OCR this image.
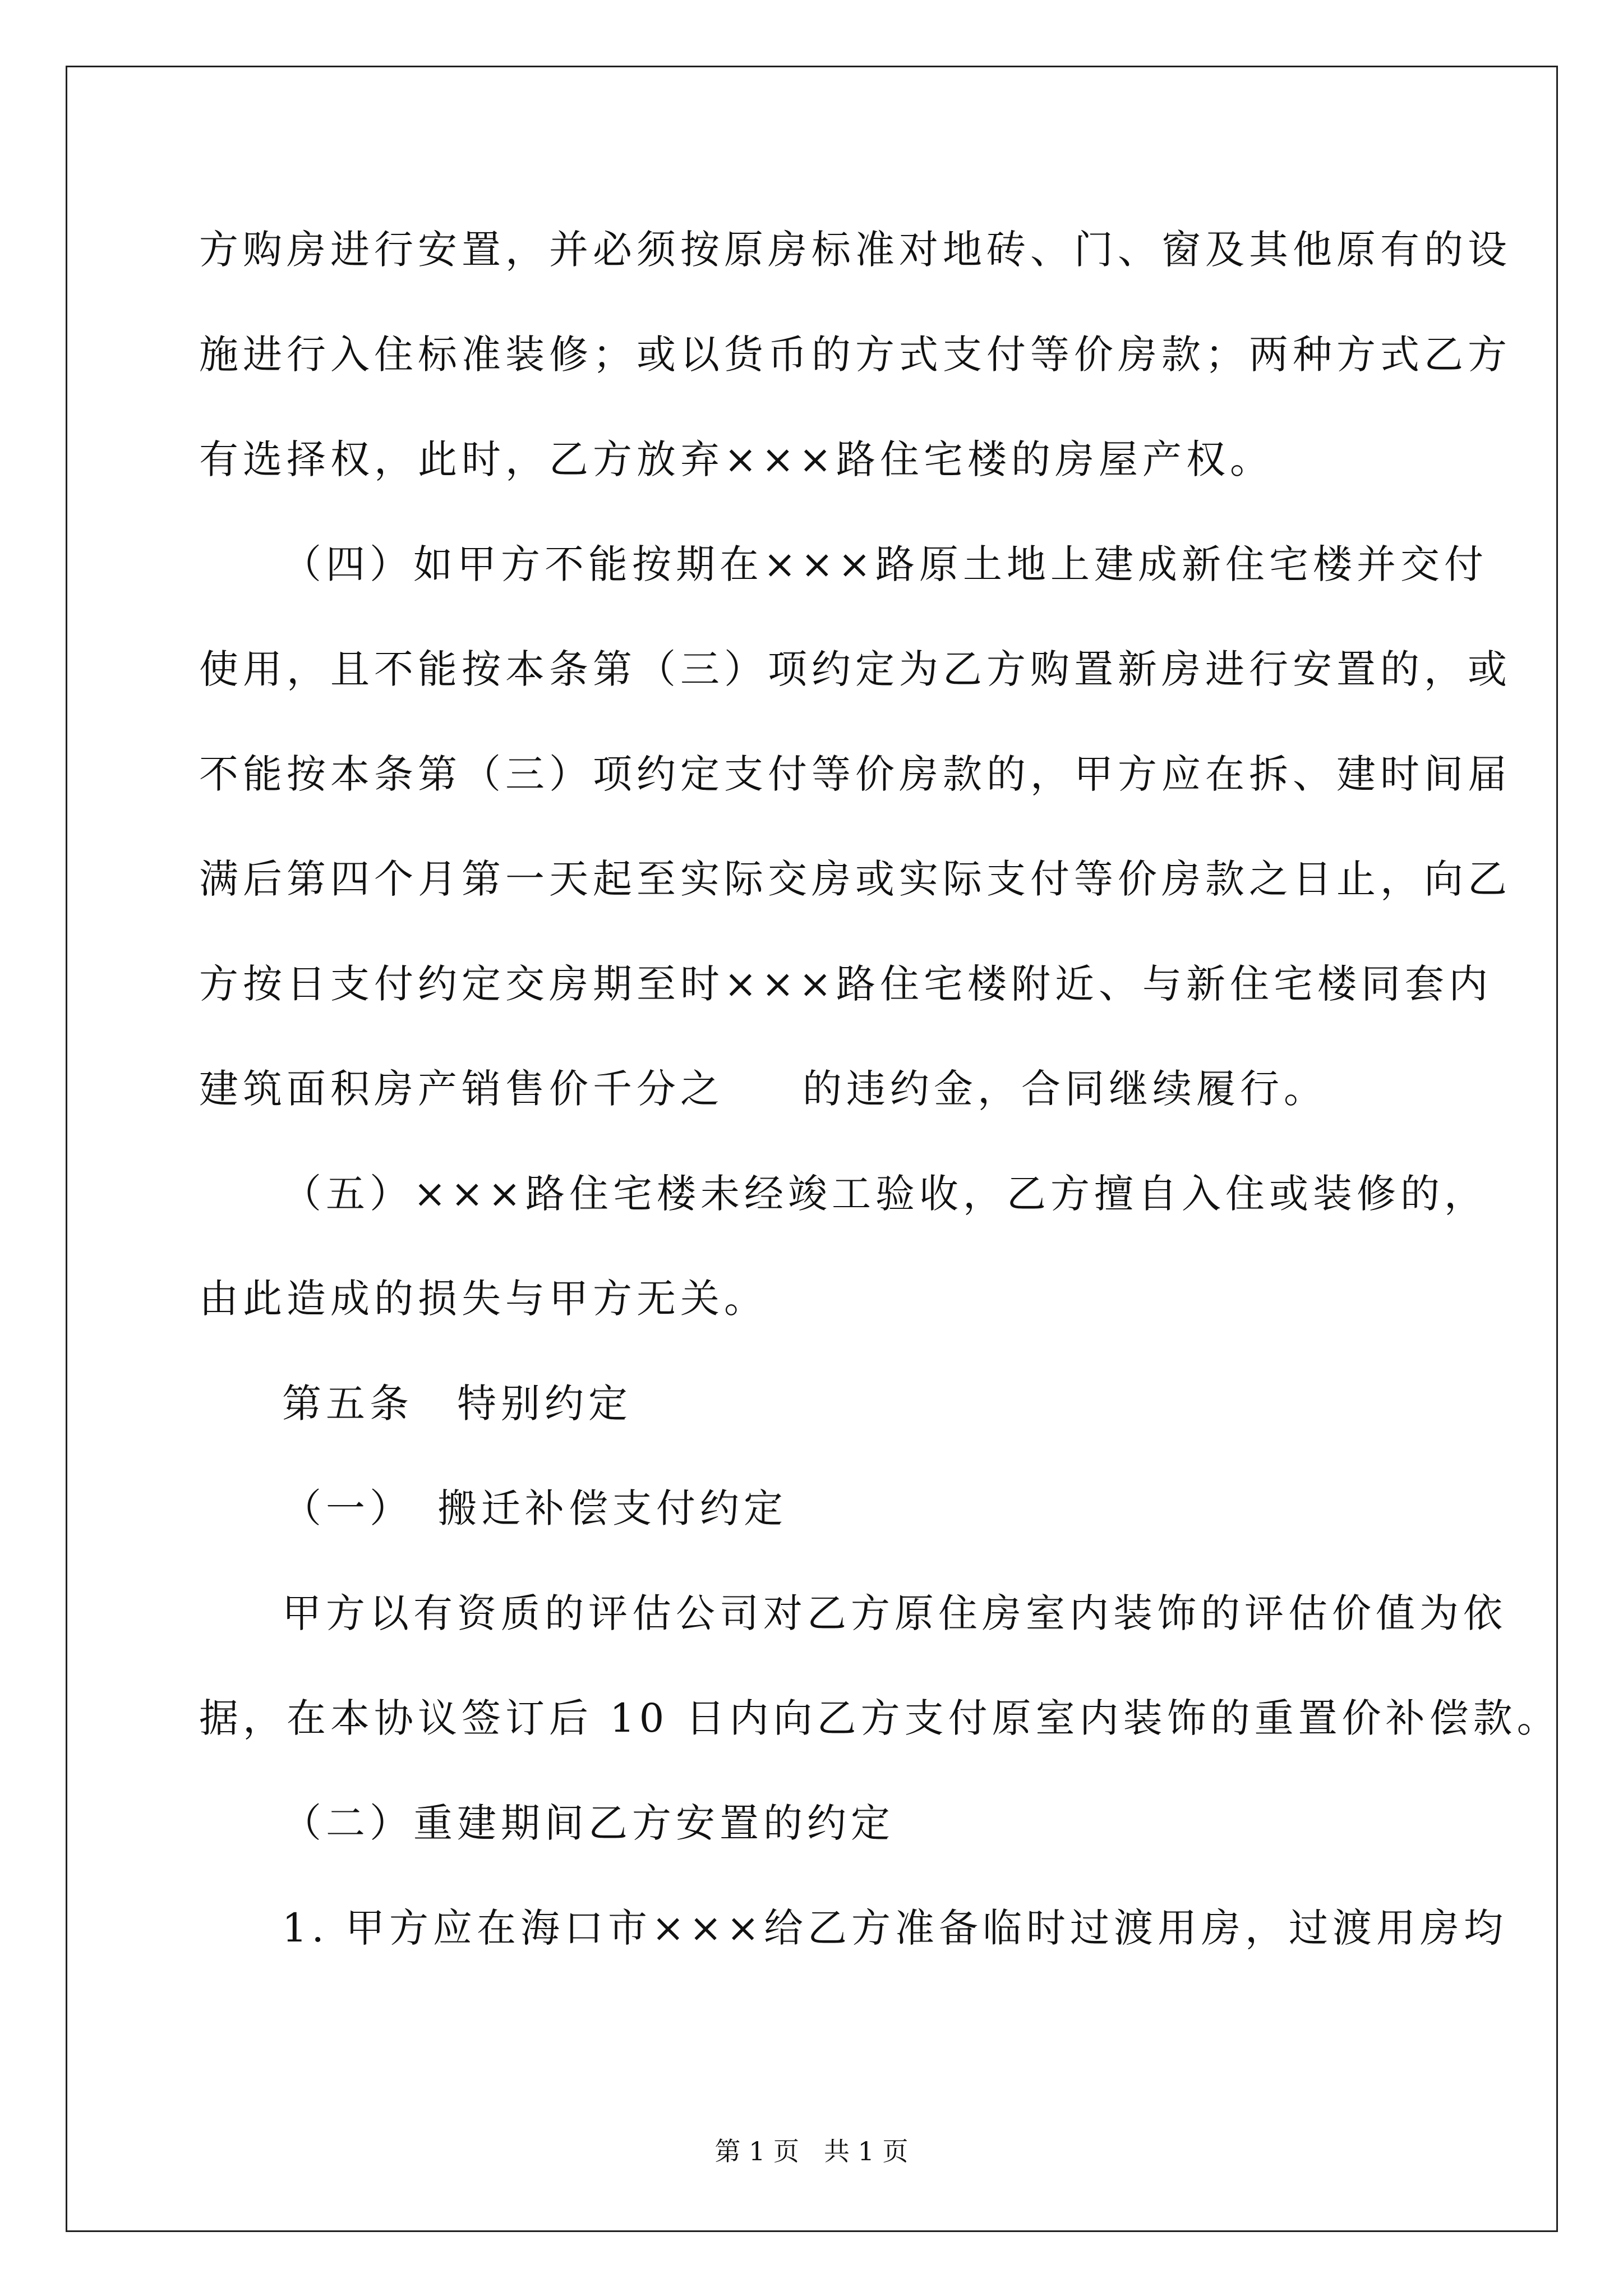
方购房进行安置，并必须按原房标准对地砖、门、窗及其他原有的设
施进行入住标准装修；或以货币的方式支付等价房款；两种方式乙方
有选择权，此时，乙方放弃×××路住宅楼的房屋产权。
（四）如甲方不能按期在×××路原土地上建成新住宅楼并交付
使用，且不能按本条第（三）项约定为乙方购置新房进行安置的，或
不能按本条第（三）项约定支付等价房款的，甲方应在拆、建时间届
满后第四个月第一天起至实际交房或实际支付等价房款之日止，向乙
方按日支付约定交房期至时×××路住宅楼附近、与新住宅楼同套内
建筑面积房产销售价千分之 的违约金，合同继续履行。
（五）×××路住宅楼未经竣工验收，乙方擅自入住或装修的，
由此造成的损失与甲方无关。
第五条　特别约定
（一）　搬迁补偿支付约定
甲方以有资质的评估公司对乙方原住房室内装饰的评估价值为依
据，在本协议签订后 10 日内向乙方支付原室内装饰的重置价补偿款。
（二）重建期间乙方安置的约定
1. 甲方应在海口市×××给乙方准备临时过渡用房，过渡用房均
第 1 页 共 1 页
